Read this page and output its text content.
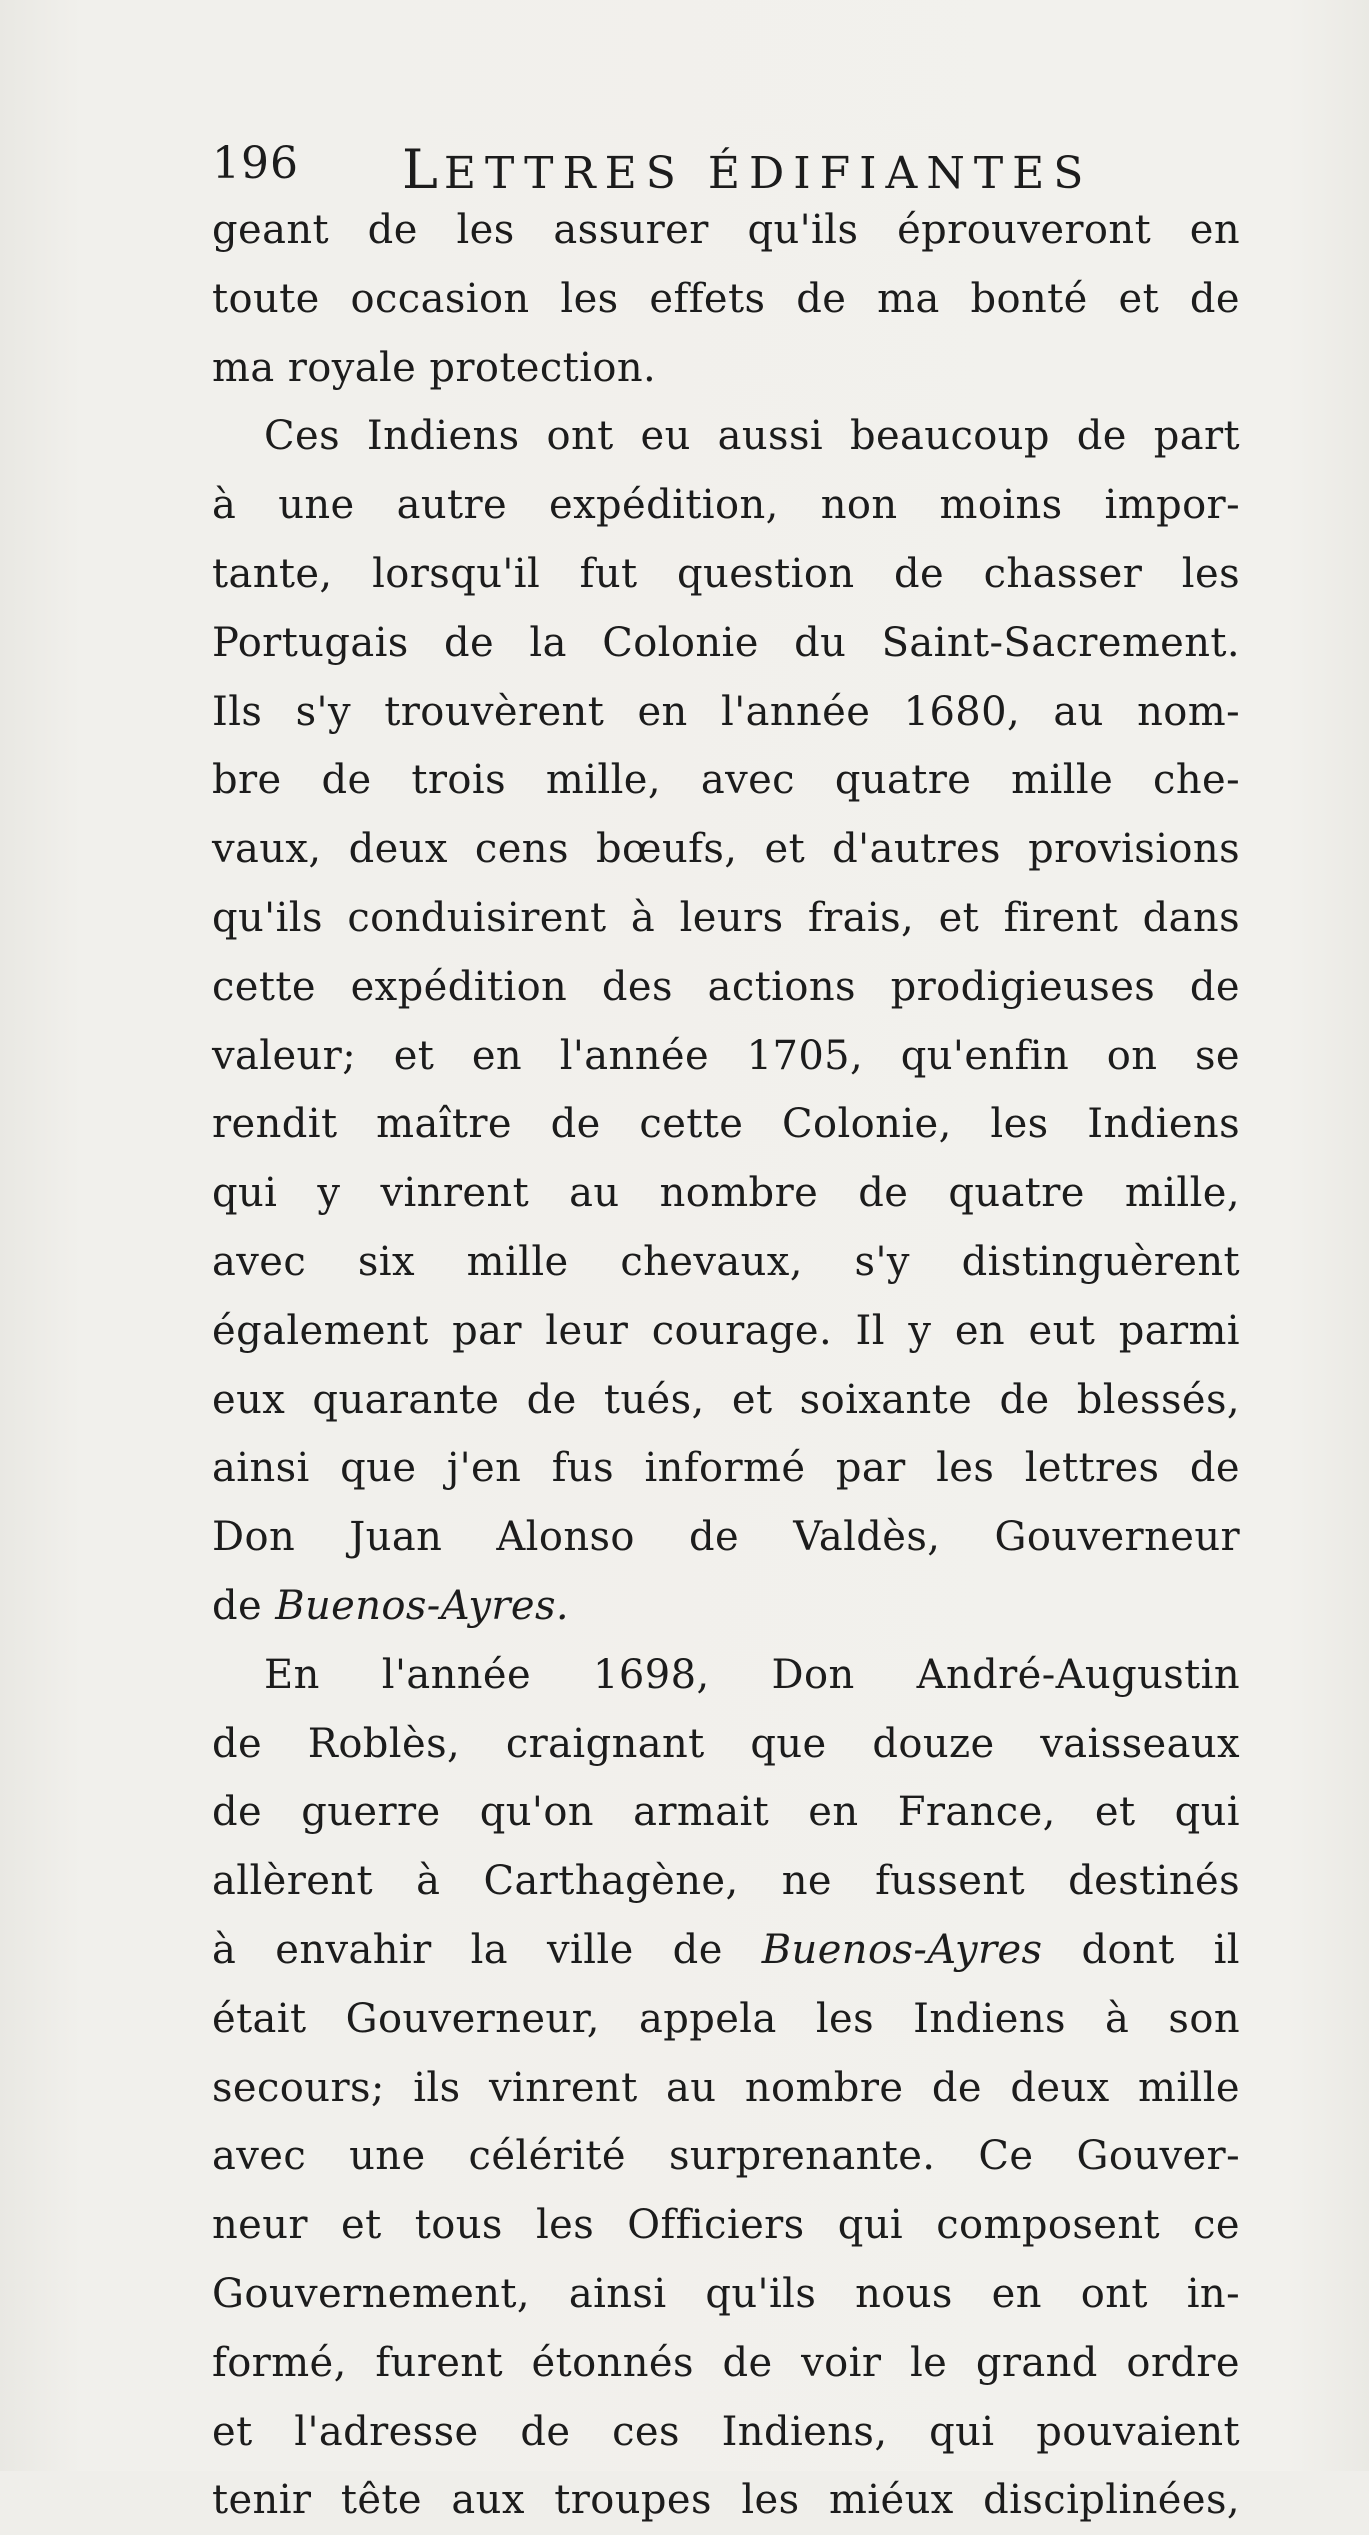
196 LETTRES ÉDIFIANTES
geant de les assurer qu'ils éprouveront en
toute occasion les effets de ma bonté et de
ma royale protection.
Ces Indiens ont eu aussi beaucoup de part
à une autre expédition, non moins impor-
tante, lorsqu'il fut question de chasser les
Portugais de la Colonie du Saint-Sacrement.
Ils s'y trouvèrent en l'année 1680, au nom-
bre de trois mille, avec quatre mille che-
vaux, deux cens bœufs, et d'autres provisions
qu'ils conduisirent à leurs frais, et firent dans
cette expédition des actions prodigieuses de
valeur; et en l'année 1705, qu'enfin on se
rendit maître de cette Colonie, les Indiens
qui y vinrent au nombre de quatre mille,
avec six mille chevaux, s'y distinguèrent
également par leur courage. Il y en eut parmi
eux quarante de tués, et soixante de blessés,
ainsi que j'en fus informé par les lettres de
Don Juan Alonso de Valdès, Gouverneur
de Buenos-Ayres.
En l'année 1698, Don André-Augustin
de Roblès, craignant que douze vaisseaux
de guerre qu'on armait en France, et qui
allèrent à Carthagène, ne fussent destinés
à envahir la ville de Buenos-Ayres dont il
était Gouverneur, appela les Indiens à son
secours; ils vinrent au nombre de deux mille
avec une célérité surprenante. Ce Gouver-
neur et tous les Officiers qui composent ce
Gouvernement, ainsi qu'ils nous en ont in-
formé, furent étonnés de voir le grand ordre
et l'adresse de ces Indiens, qui pouvaient
tenir tête aux troupes les miéux disciplinées,
